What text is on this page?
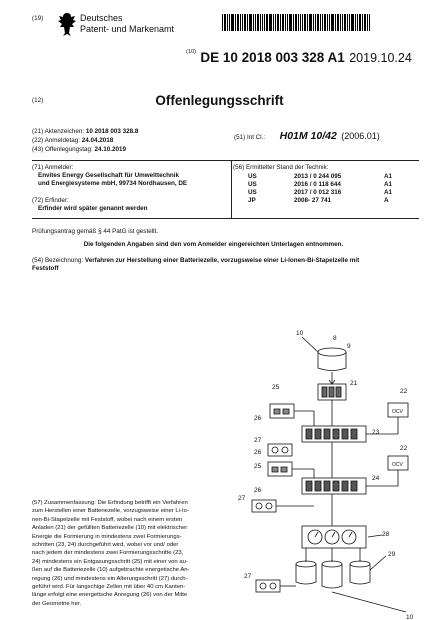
(19)	Deutsches
Patent- und Markenamt
$^{(10)}$ DE 10 2018 003 328 A1 2019.10.24
(12)	Offenlegungsschrift
(21) Aktenzeichen: 10 2018 003 328.8
(22) Anmeldetag: 24.04.2018
(43) Offenlegungstag: 24.10.2019
(51) Int Cl.: H01M 10/42 (2006.01)
(71) Anmelder:
Envites Energy Gesellschaft für Umwelttechnik
und Energiesysteme mbH, 99734 Nordhausen, DE
(72) Erfinder:
Erfinder wird später genannt werden
(56) Ermittelter Stand der Technik:
US	2013 / 0 244 095	A1
US	2016 / 0 118 644	A1
US	2017 / 0 012 316	A1
JP	2008- 27 741	A
Prüfungsantrag gemäß § 44 PatG ist gestellt.
Die folgenden Angaben sind den vom Anmelder eingereichten Unterlagen entnommen.
(54) Bezeichnung: Verfahren zur Herstellung einer Batteriezelle, vorzugsweise einer Li-Ionen-Bi-Stapelzelle mit
Feststoff
(57) Zusammenfassung: Die Erfindung betrifft ein Verfahren
zum Herstellen einer Batteriezelle, vorzugsweise einer Li-Io-
nen-Bi-Stapelzelle mit Feststoff, wobei nach einem ersten
Anladen (21) der gefüllten Batteriezelle (10) mit elektrischer
Energie die Formierung in mindestens zwei Formierungs-
schritten (23, 24) durchgeführt wird, wobei vor und/ oder
nach jedem der mindestens zwei Formierungsschritte (23,
24) mindestens ein Entgasungsschritt (25) mit einer von au-
ßen auf die Batteriezelle (10) aufgebrachte energetische An-
regung (26) und mindestens ein Alterungsschritt (27) durch-
geführt wird. Für langschige Zellen mit über 40 cm Kanten-
länge erfolgt eine energetische Anregung (26) von der Mitte
der Geometrie her.
8
9
10
21
22
25
26
23
27
26
22
25
24
26
27
28
29
27
10
OCV
OCV
